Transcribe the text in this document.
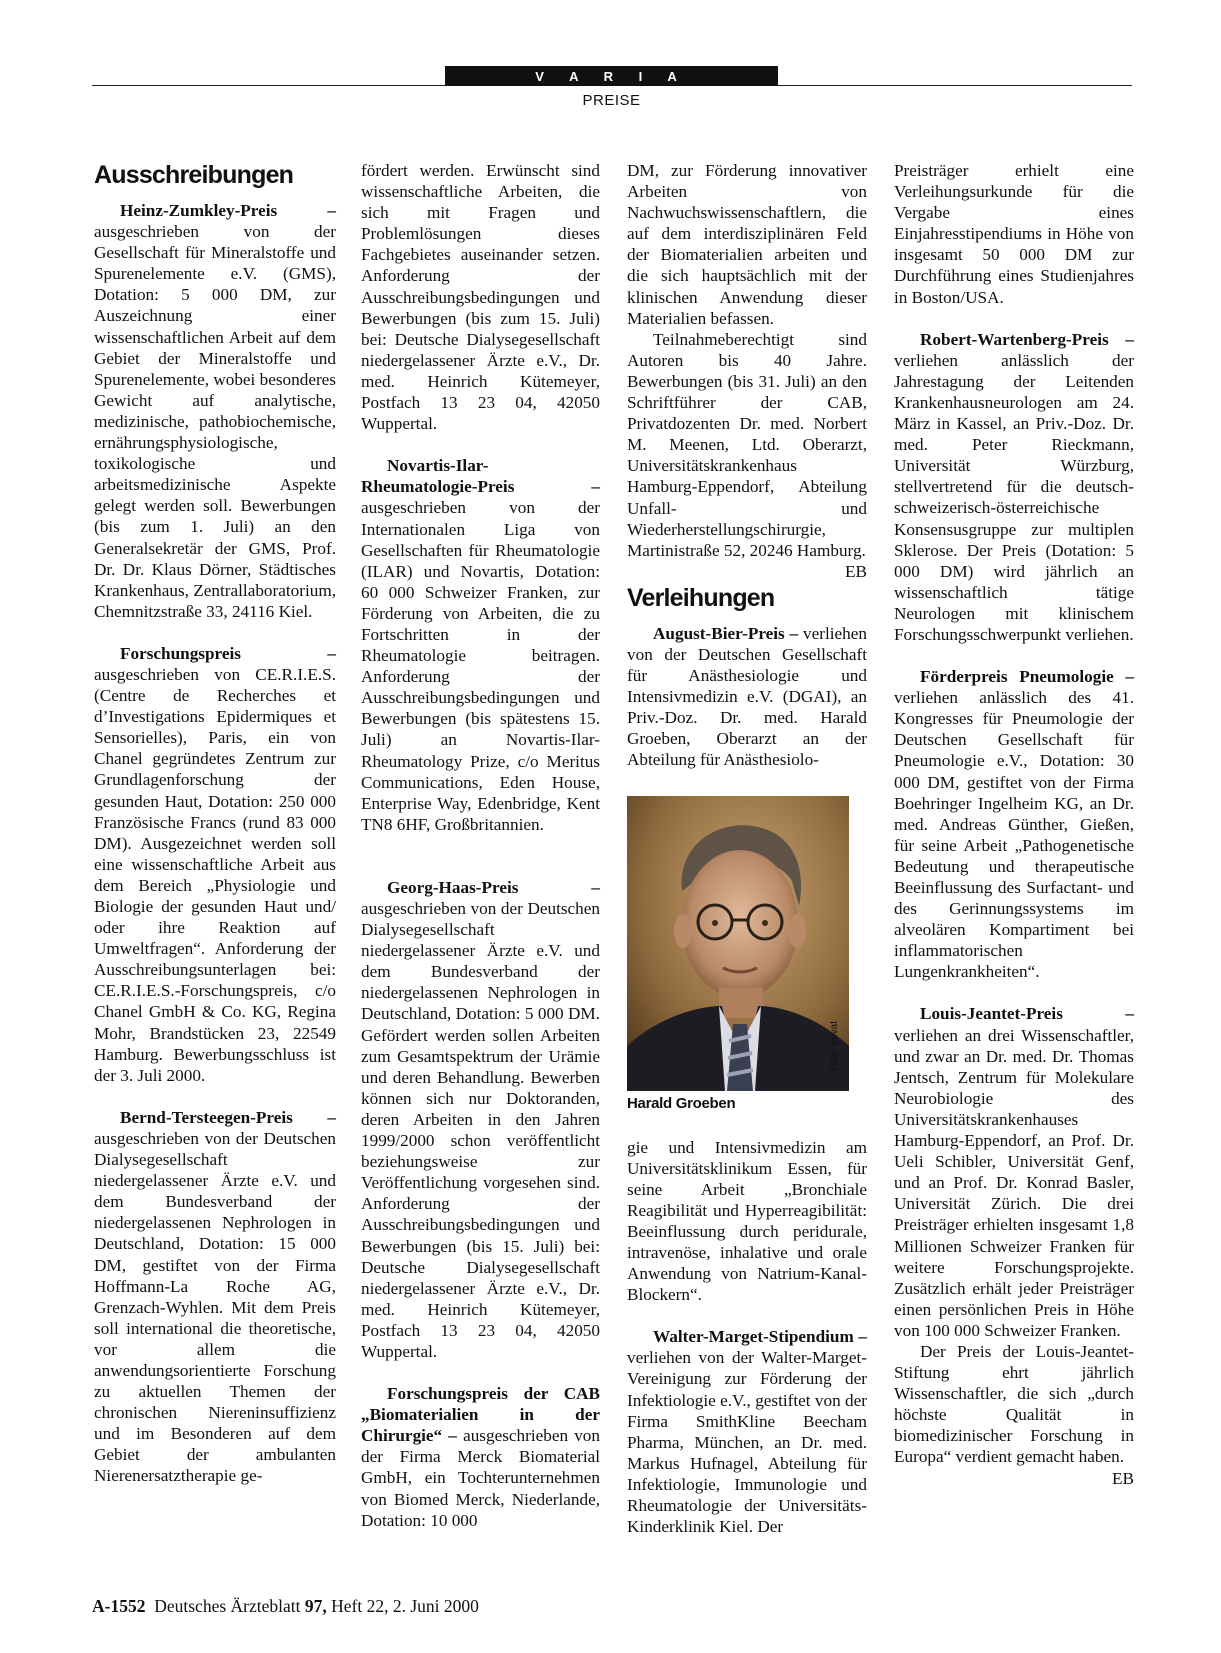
V A R I A
PREISE
Ausschreibungen

Heinz-Zumkley-Preis – ausgeschrieben von der Gesellschaft für Mineralstoffe und Spurenelemente e.V. (GMS), Dotation: 5 000 DM, zur Auszeichnung einer wissenschaftlichen Arbeit auf dem Gebiet der Mineralstoffe und Spurenelemente, wobei besonderes Gewicht auf analytische, medizinische, pathobiochemische, ernährungsphysiologische, toxikologische und arbeitsmedizinische Aspekte gelegt werden soll. Bewerbungen (bis zum 1. Juli) an den Generalsekretär der GMS, Prof. Dr. Dr. Klaus Dörner, Städtisches Krankenhaus, Zentrallaboratorium, Chemnitzstraße 33, 24116 Kiel.

Forschungspreis – ausgeschrieben von CE.R.I.E.S. (Centre de Recherches et d’Investigations Epidermiques et Sensorielles), Paris, ein von Chanel gegründetes Zentrum zur Grundlagenforschung der gesunden Haut, Dotation: 250 000 Französische Francs (rund 83 000 DM). Ausgezeichnet werden soll eine wissenschaftliche Arbeit aus dem Bereich „Physiologie und Biologie der gesunden Haut und/ oder ihre Reaktion auf Umweltfragen“. Anforderung der Ausschreibungsunterlagen bei: CE.R.I.E.S.-Forschungspreis, c/o Chanel GmbH & Co. KG, Regina Mohr, Brandstücken 23, 22549 Hamburg. Bewerbungsschluss ist der 3. Juli 2000.

Bernd-Tersteegen-Preis – ausgeschrieben von der Deutschen Dialysegesellschaft niedergelassener Ärzte e.V. und dem Bundesverband der niedergelassenen Nephrologen in Deutschland, Dotation: 15 000 DM, gestiftet von der Firma Hoffmann-La Roche AG, Grenzach-Wyhlen. Mit dem Preis soll international die theoretische, vor allem die anwendungsorientierte Forschung zu aktuellen Themen der chronischen Niereninsuffizienz und im Besonderen auf dem Gebiet der ambulanten Nierenersatztherapie ge-

fördert werden. Erwünscht sind wissenschaftliche Arbeiten, die sich mit Fragen und Problemlösungen dieses Fachgebietes auseinander setzen. Anforderung der Ausschreibungsbedingungen und Bewerbungen (bis zum 15. Juli) bei: Deutsche Dialysegesellschaft niedergelassener Ärzte e.V., Dr. med. Heinrich Kütemeyer, Postfach 13 23 04, 42050 Wuppertal.

Novartis-Ilar-Rheumatologie-Preis – ausgeschrieben von der Internationalen Liga von Gesellschaften für Rheumatologie (ILAR) und Novartis, Dotation: 60 000 Schweizer Franken, zur Förderung von Arbeiten, die zu Fortschritten in der Rheumatologie beitragen. Anforderung der Ausschreibungsbedingungen und Bewerbungen (bis spätestens 15. Juli) an Novartis-Ilar-Rheumatology Prize, c/o Meritus Communications, Eden House, Enterprise Way, Edenbridge, Kent TN8 6HF, Großbritannien.

Georg-Haas-Preis – ausgeschrieben von der Deutschen Dialysegesellschaft niedergelassener Ärzte e.V. und dem Bundesverband der niedergelassenen Nephrologen in Deutschland, Dotation: 5 000 DM. Gefördert werden sollen Arbeiten zum Gesamtspektrum der Urämie und deren Behandlung. Bewerben können sich nur Doktoranden, deren Arbeiten in den Jahren 1999/2000 schon veröffentlicht beziehungsweise zur Veröffentlichung vorgesehen sind. Anforderung der Ausschreibungsbedingungen und Bewerbungen (bis 15. Juli) bei: Deutsche Dialysegesellschaft niedergelassener Ärzte e.V., Dr. med. Heinrich Kütemeyer, Postfach 13 23 04, 42050 Wuppertal.

Forschungspreis der CAB „Biomaterialien in der Chirurgie“ – ausgeschrieben von der Firma Merck Biomaterial GmbH, ein Tochterunternehmen von Biomed Merck, Niederlande, Dotation: 10 000

DM, zur Förderung innovativer Arbeiten von Nachwuchswissenschaftlern, die auf dem interdisziplinären Feld der Biomaterialien arbeiten und die sich hauptsächlich mit der klinischen Anwendung dieser Materialien befassen.

Teilnahmeberechtigt sind Autoren bis 40 Jahre. Bewerbungen (bis 31. Juli) an den Schriftführer der CAB, Privatdozenten Dr. med. Norbert M. Meenen, Ltd. Oberarzt, Universitätskrankenhaus Hamburg-Eppendorf, Abteilung Unfall- und Wiederherstellungschirurgie, Martinistraße 52, 20246 Hamburg.
EB

Verleihungen

August-Bier-Preis – verliehen von der Deutschen Gesellschaft für Anästhesiologie und Intensivmedizin e.V. (DGAI), an Priv.-Doz. Dr. med. Harald Groeben, Oberarzt an der Abteilung für Anästhesiolo-

Foto: privat
Harald Groeben

gie und Intensivmedizin am Universitätsklinikum Essen, für seine Arbeit „Bronchiale Reagibilität und Hyperreagibilität: Beeinflussung durch peridurale, intravenöse, inhalative und orale Anwendung von Natrium-Kanal-Blockern“.

Walter-Marget-Stipendium – verliehen von der Walter-Marget-Vereinigung zur Förderung der Infektiologie e.V., gestiftet von der Firma SmithKline Beecham Pharma, München, an Dr. med. Markus Hufnagel, Abteilung für Infektiologie, Immunologie und Rheumatologie der Universitäts-Kinderklinik Kiel. Der

Preisträger erhielt eine Verleihungsurkunde für die Vergabe eines Einjahresstipendiums in Höhe von insgesamt 50 000 DM zur Durchführung eines Studienjahres in Boston/USA.

Robert-Wartenberg-Preis – verliehen anlässlich der Jahrestagung der Leitenden Krankenhausneurologen am 24. März in Kassel, an Priv.-Doz. Dr. med. Peter Rieckmann, Universität Würzburg, stellvertretend für die deutsch-schweizerisch-österreichische Konsensusgruppe zur multiplen Sklerose. Der Preis (Dotation: 5 000 DM) wird jährlich an wissenschaftlich tätige Neurologen mit klinischem Forschungsschwerpunkt verliehen.

Förderpreis Pneumologie – verliehen anlässlich des 41. Kongresses für Pneumologie der Deutschen Gesellschaft für Pneumologie e.V., Dotation: 30 000 DM, gestiftet von der Firma Boehringer Ingelheim KG, an Dr. med. Andreas Günther, Gießen, für seine Arbeit „Pathogenetische Bedeutung und therapeutische Beeinflussung des Surfactant- und des Gerinnungssystems im alveolären Kompartiment bei inflammatorischen Lungenkrankheiten“.

Louis-Jeantet-Preis – verliehen an drei Wissenschaftler, und zwar an Dr. med. Dr. Thomas Jentsch, Zentrum für Molekulare Neurobiologie des Universitätskrankenhauses Hamburg-Eppendorf, an Prof. Dr. Ueli Schibler, Universität Genf, und an Prof. Dr. Konrad Basler, Universität Zürich. Die drei Preisträger erhielten insgesamt 1,8 Millionen Schweizer Franken für weitere Forschungsprojekte. Zusätzlich erhält jeder Preisträger einen persönlichen Preis in Höhe von 100 000 Schweizer Franken.

Der Preis der Louis-Jeantet-Stiftung ehrt jährlich Wissenschaftler, die sich „durch höchste Qualität in biomedizinischer Forschung in Europa“ verdient gemacht haben.
EB

A-1552 Deutsches Ärzteblatt 97, Heft 22, 2. Juni 2000
